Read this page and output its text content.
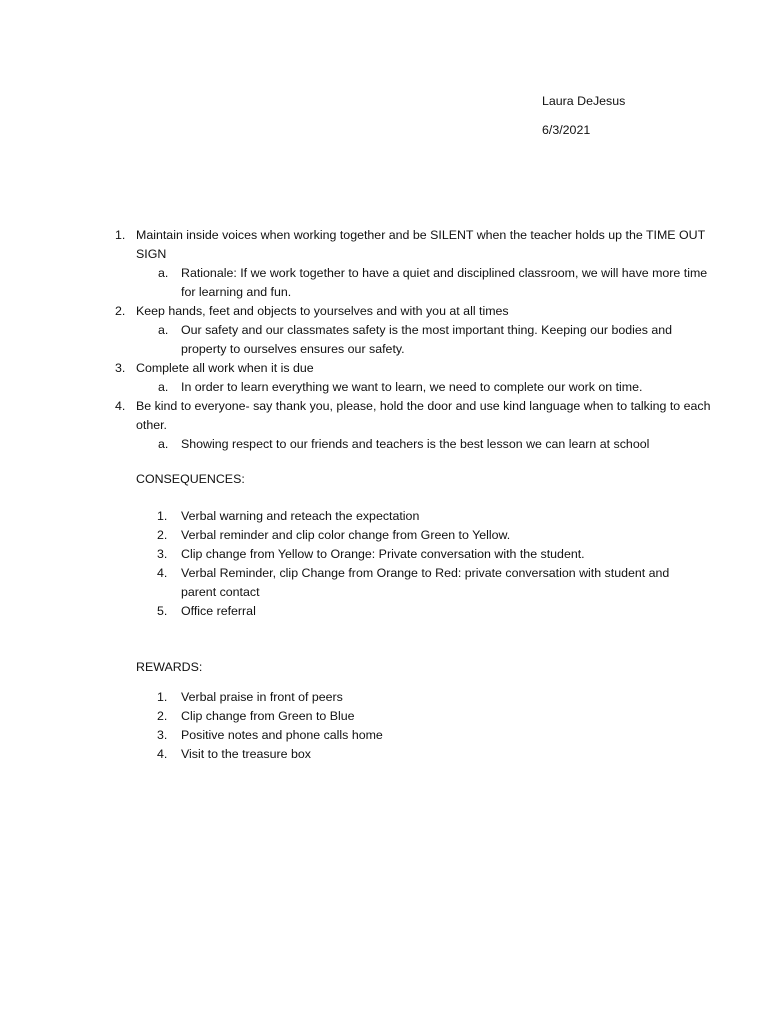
Laura DeJesus

6/3/2021

1. Maintain inside voices when working together and be SILENT when the teacher holds up the TIME OUT SIGN
a.	Rationale: If we work together to have a quiet and disciplined classroom, we will have more time for learning and fun.
2. Keep hands, feet and objects to yourselves and with you at all times
a.	Our safety and our classmates safety is the most important thing. Keeping our bodies and property to ourselves ensures our safety.
3. Complete all work when it is due
a.	In order to learn everything we want to learn, we need to complete our work on time.
4. Be kind to everyone- say thank you, please, hold the door and use kind language when to talking to each other.
a.	Showing respect to our friends and teachers is the best lesson we can learn at school

CONSEQUENCES:

1.	Verbal warning and reteach the expectation
2.	Verbal reminder and clip color change from Green to Yellow.
3.	Clip change from Yellow to Orange: Private conversation with the student.
4.	Verbal Reminder, clip Change from Orange to Red: private conversation with student and parent contact
5.	Office referral

REWARDS:

1.	Verbal praise in front of peers
2.	Clip change from Green to Blue
3.	Positive notes and phone calls home
4.	Visit to the treasure box
